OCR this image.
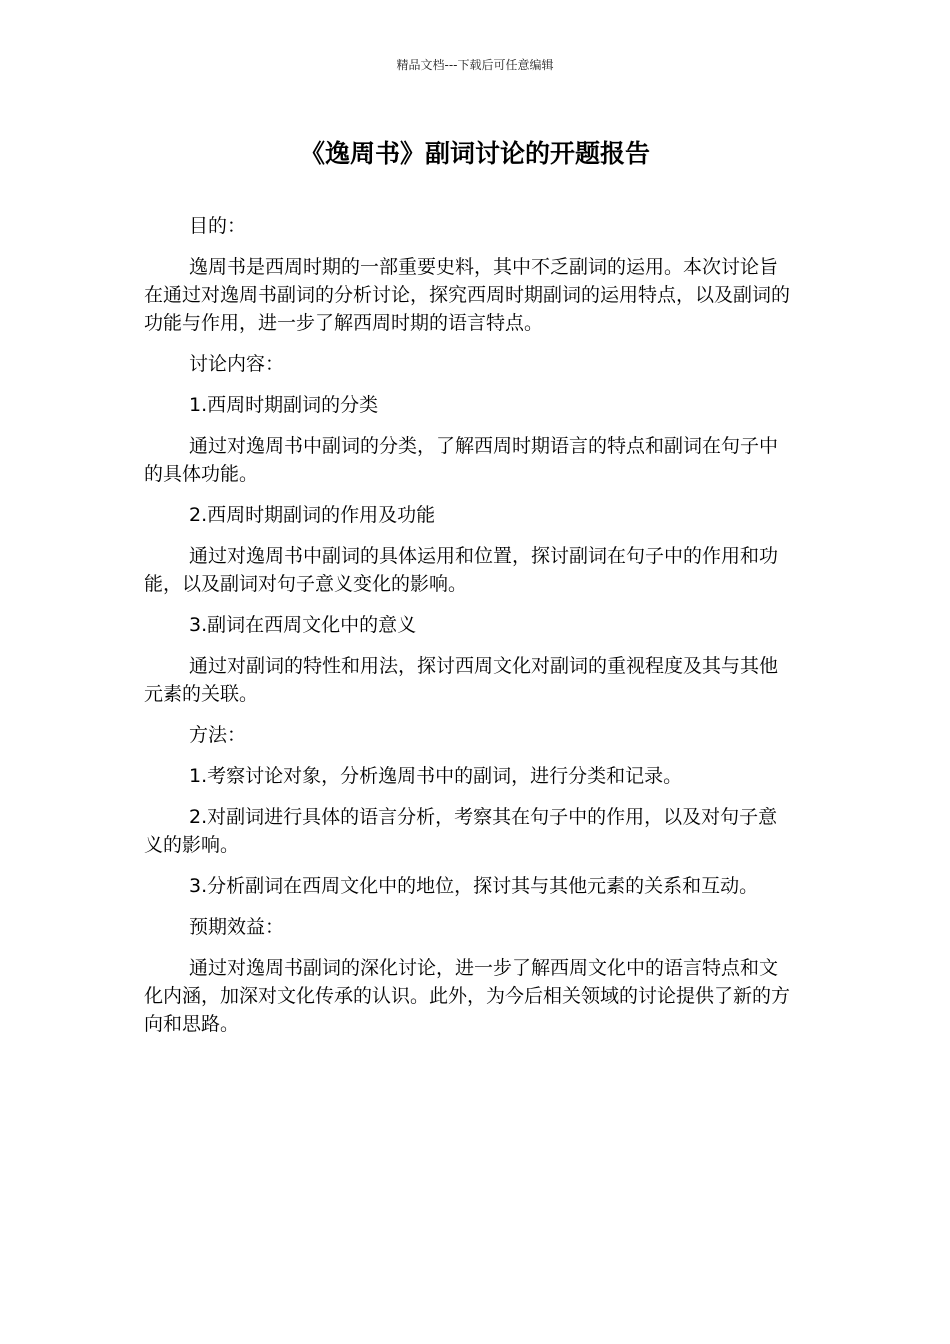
精品文档---下载后可任意编辑
《逸周书》副词讨论的开题报告

目的：

逸周书是西周时期的一部重要史料，其中不乏副词的运用。本次讨论旨在通过对逸周书副词的分析讨论，探究西周时期副词的运用特点，以及副词的功能与作用，进一步了解西周时期的语言特点。

讨论内容：

1.西周时期副词的分类

通过对逸周书中副词的分类，了解西周时期语言的特点和副词在句子中的具体功能。

2.西周时期副词的作用及功能

通过对逸周书中副词的具体运用和位置，探讨副词在句子中的作用和功能，以及副词对句子意义变化的影响。

3.副词在西周文化中的意义

通过对副词的特性和用法，探讨西周文化对副词的重视程度及其与其他元素的关联。

方法：

1.考察讨论对象，分析逸周书中的副词，进行分类和记录。

2.对副词进行具体的语言分析，考察其在句子中的作用，以及对句子意义的影响。

3.分析副词在西周文化中的地位，探讨其与其他元素的关系和互动。

预期效益：

通过对逸周书副词的深化讨论，进一步了解西周文化中的语言特点和文化内涵，加深对文化传承的认识。此外，为今后相关领域的讨论提供了新的方向和思路。
